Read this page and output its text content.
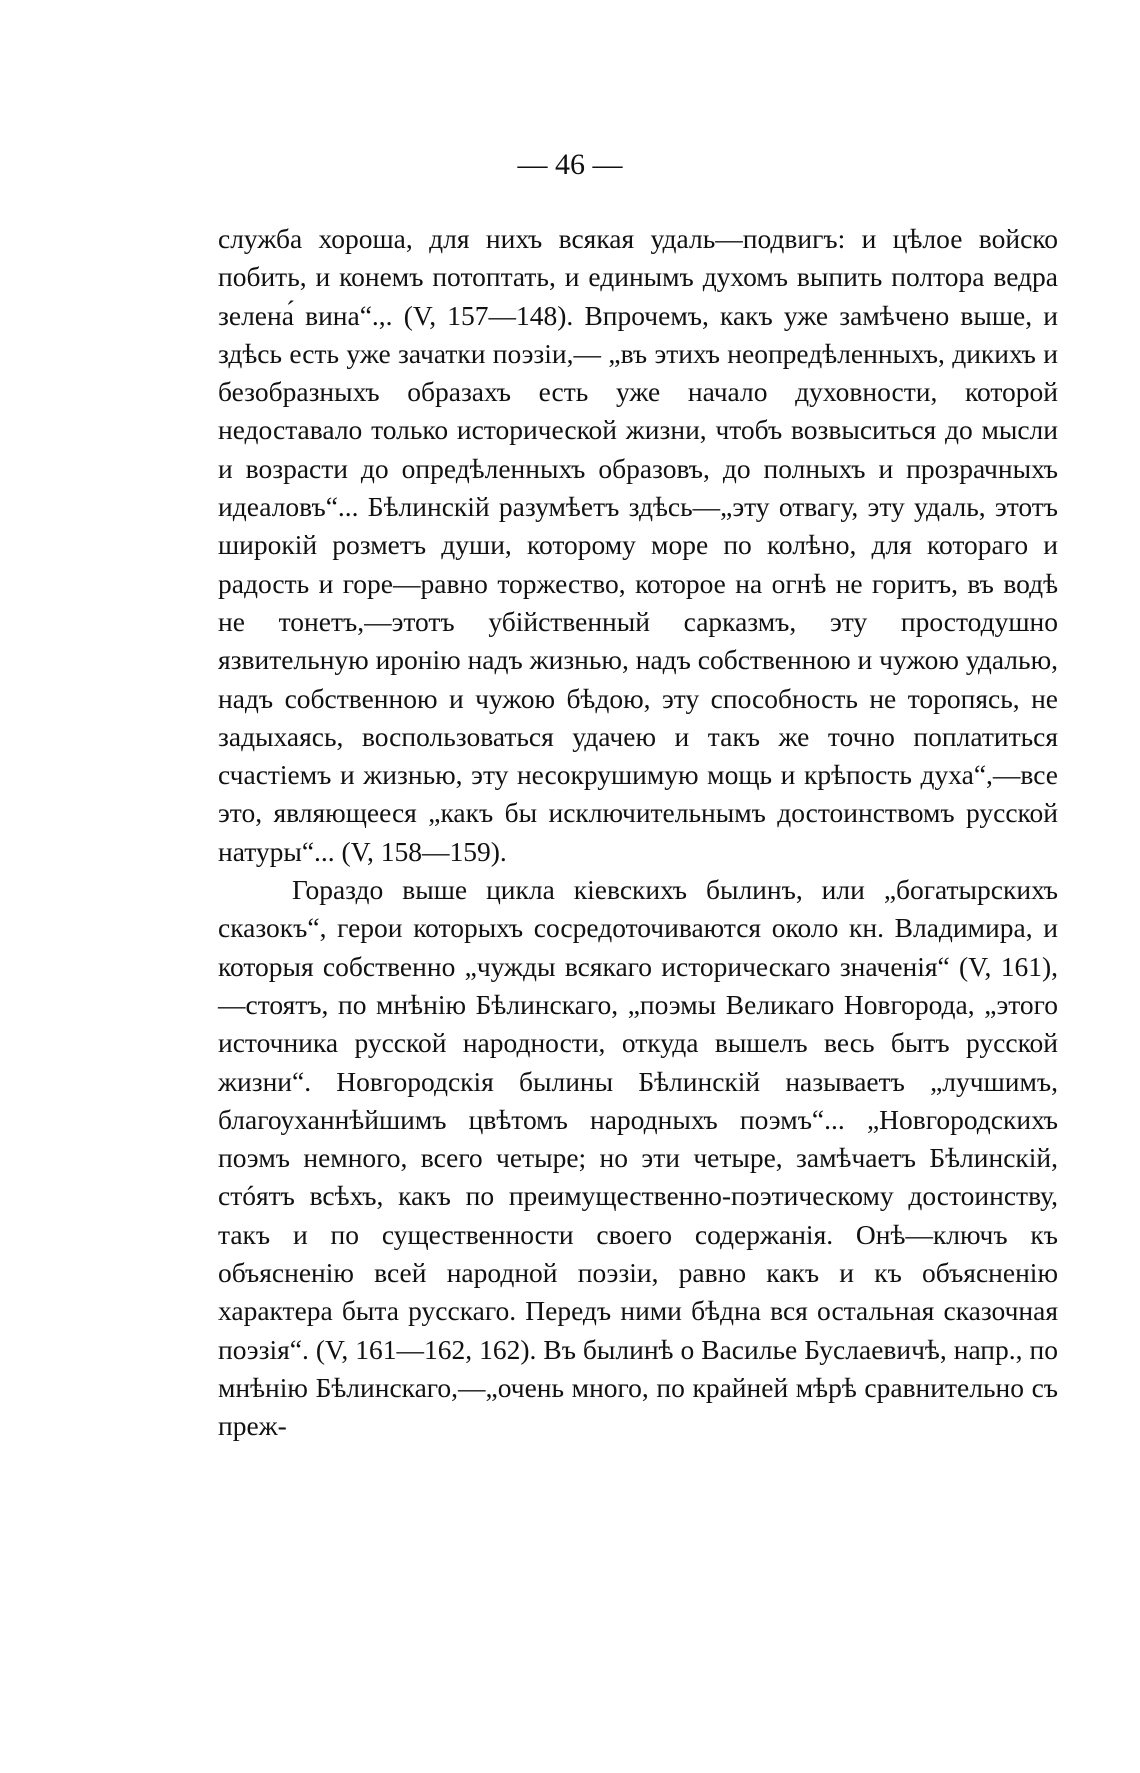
— 46 —

служба хороша, для нихъ всякая удаль—подвигъ: и цѣлое войско побить, и конемъ потоптать, и единымъ духомъ выпить полтора ведра зелена́ вина“.,. (V, 157—148). Впрочемъ, какъ уже замѣчено выше, и здѣсь есть уже зачатки поэзiи,— „въ этихъ неопредѣленныхъ, дикихъ и безобразныхъ образахъ есть уже начало духовности, которой недоставало только исторической жизни, чтобъ возвыситься до мысли и возрасти до опредѣленныхъ образовъ, до полныхъ и прозрачныхъ идеаловъ“... Бѣлинскiй разумѣетъ здѣсь—„эту отвагу, эту удаль, этотъ широкiй розметъ души, которому море по колѣно, для котораго и радость и горе—равно торжество, которое на огнѣ не горитъ, въ водѣ не тонетъ,—этотъ убiйственный сарказмъ, эту простодушно язвительную иронiю надъ жизнью, надъ собственною и чужою удалью, надъ собственною и чужою бѣдою, эту способность не торопясь, не задыхаясь, воспользоваться удачею и такъ же точно поплатиться счастiемъ и жизнью, эту несокрушимую мощь и крѣпость духа“,—все это, являющееся „какъ бы исключительнымъ достоинствомъ русской натуры“... (V, 158—159).

Гораздо выше цикла кiевскихъ былинъ, или „богатырскихъ сказокъ“, герои которыхъ сосредоточиваются около кн. Владимира, и которыя собственно „чужды всякаго историческаго значенiя“ (V, 161),—стоятъ, по мнѣнiю Бѣлинскаго, „поэмы Великаго Новгорода, „этого источника русской народности, откуда вышелъ весь бытъ русской жизни“. Новгородскiя былины Бѣлинскiй называетъ „лучшимъ, благоуханнѣйшимъ цвѣтомъ народныхъ поэмъ“... „Новгородскихъ поэмъ немного, всего четыре; но эти четыре, замѣчаетъ Бѣлинскiй, стóятъ всѣхъ, какъ по преимущественно-поэтическому достоинству, такъ и по существенности своего содержанiя. Онѣ—ключъ къ объясненiю всей народной поэзiи, равно какъ и къ объясненiю характера быта русскаго. Передъ ними бѣдна вся остальная сказочная поэзiя“. (V, 161—162, 162). Въ былинѣ о Василье Буслаевичѣ, напр., по мнѣнiю Бѣлинскаго,—„очень много, по крайней мѣрѣ сравнительно съ преж-
